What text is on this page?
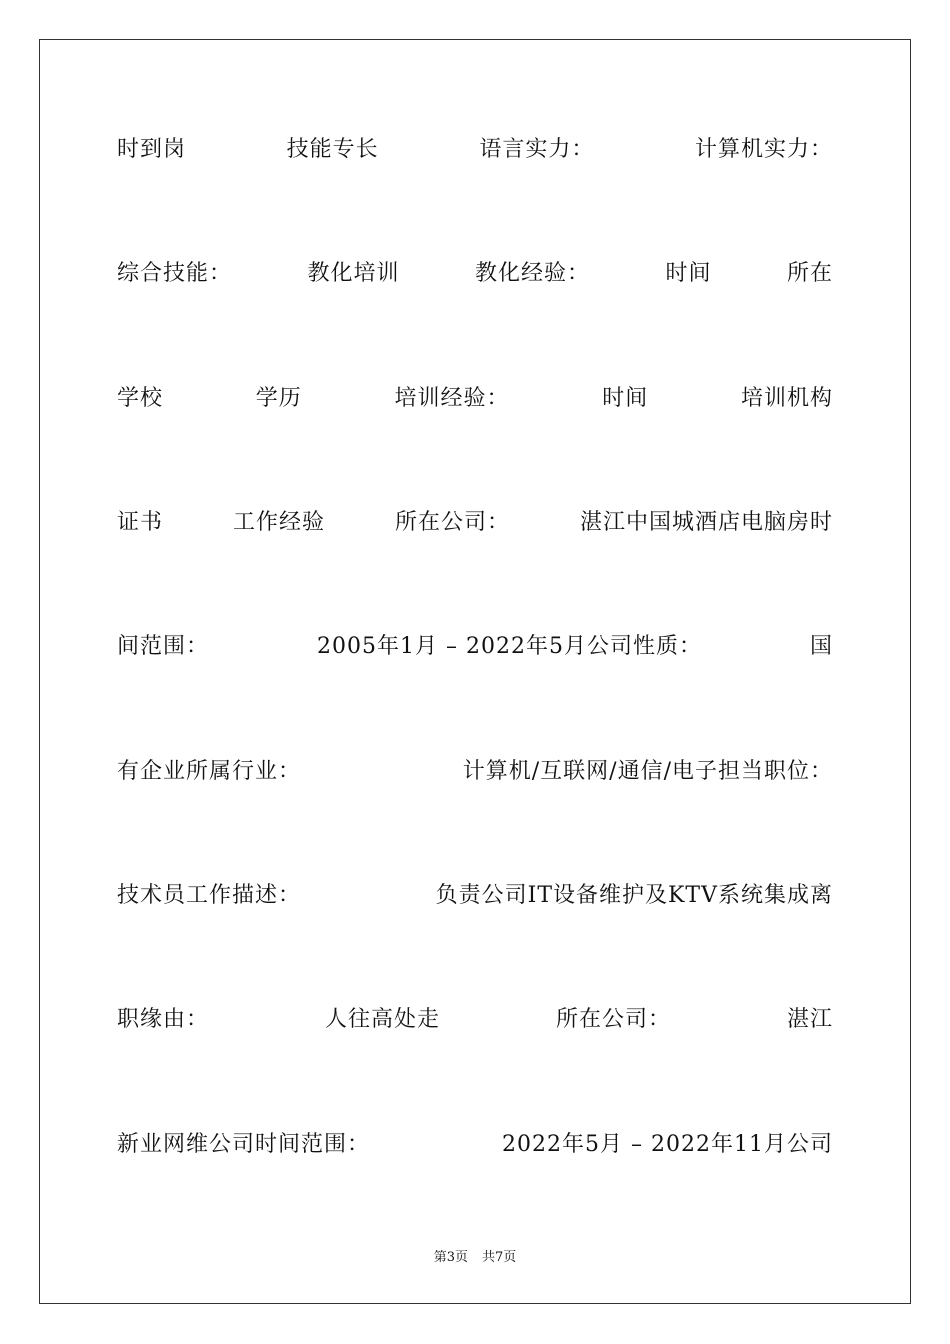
时到岗	技能专长	语言实力：	计算机实力：
综合技能：	教化培训	教化经验：	时间	所在
学校	学历	培训经验：	时间	培训机构
证书	工作经验	所在公司：	湛江中国城酒店电脑房时
间范围：	2005年1月 – 2022年5月公司性质：	国
有企业所属行业：	计算机/互联网/通信/电子担当职位：
技术员工作描述：	负责公司IT设备维护及KTV系统集成离
职缘由：	人往高处走	所在公司：	湛江
新业网维公司时间范围：	2022年5月 – 2022年11月公司
第3页 共7页
